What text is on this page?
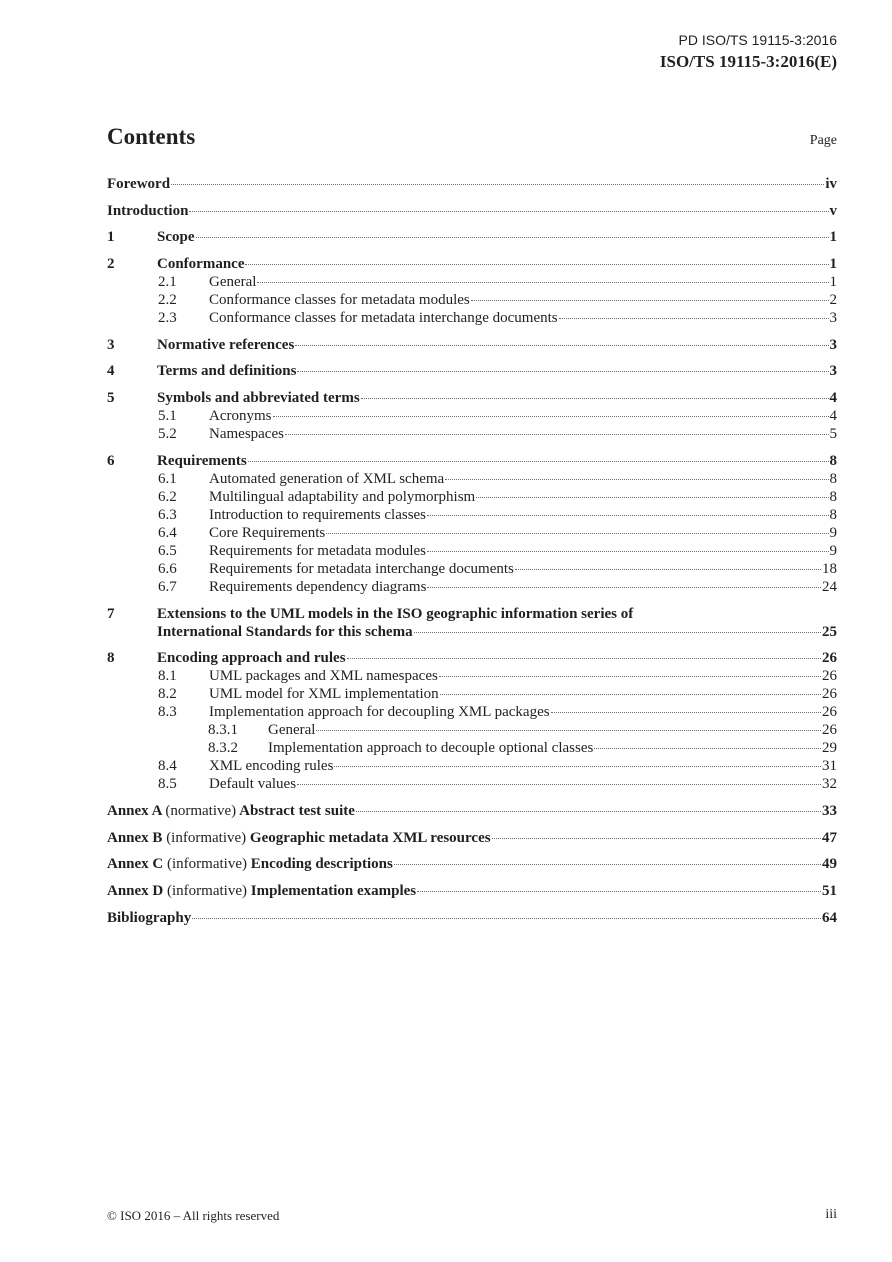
PD ISO/TS 19115-3:2016
ISO/TS 19115-3:2016(E)
Contents	Page
Foreword	iv
Introduction	v
1	Scope	1
2	Conformance	1
2.1	General	1
2.2	Conformance classes for metadata modules	2
2.3	Conformance classes for metadata interchange documents	3
3	Normative references	3
4	Terms and definitions	3
5	Symbols and abbreviated terms	4
5.1	Acronyms	4
5.2	Namespaces	5
6	Requirements	8
6.1	Automated generation of XML schema	8
6.2	Multilingual adaptability and polymorphism	8
6.3	Introduction to requirements classes	8
6.4	Core Requirements	9
6.5	Requirements for metadata modules	9
6.6	Requirements for metadata interchange documents	18
6.7	Requirements dependency diagrams	24
7	Extensions to the UML models in the ISO geographic information series of
International Standards for this schema	25
8	Encoding approach and rules	26
8.1	UML packages and XML namespaces	26
8.2	UML model for XML implementation	26
8.3	Implementation approach for decoupling XML packages	26
8.3.1	General	26
8.3.2	Implementation approach to decouple optional classes	29
8.4	XML encoding rules	31
8.5	Default values	32
Annex A (normative) Abstract test suite	33
Annex B (informative) Geographic metadata XML resources	47
Annex C (informative) Encoding descriptions	49
Annex D (informative) Implementation examples	51
Bibliography	64
© ISO 2016 – All rights reserved	iii
